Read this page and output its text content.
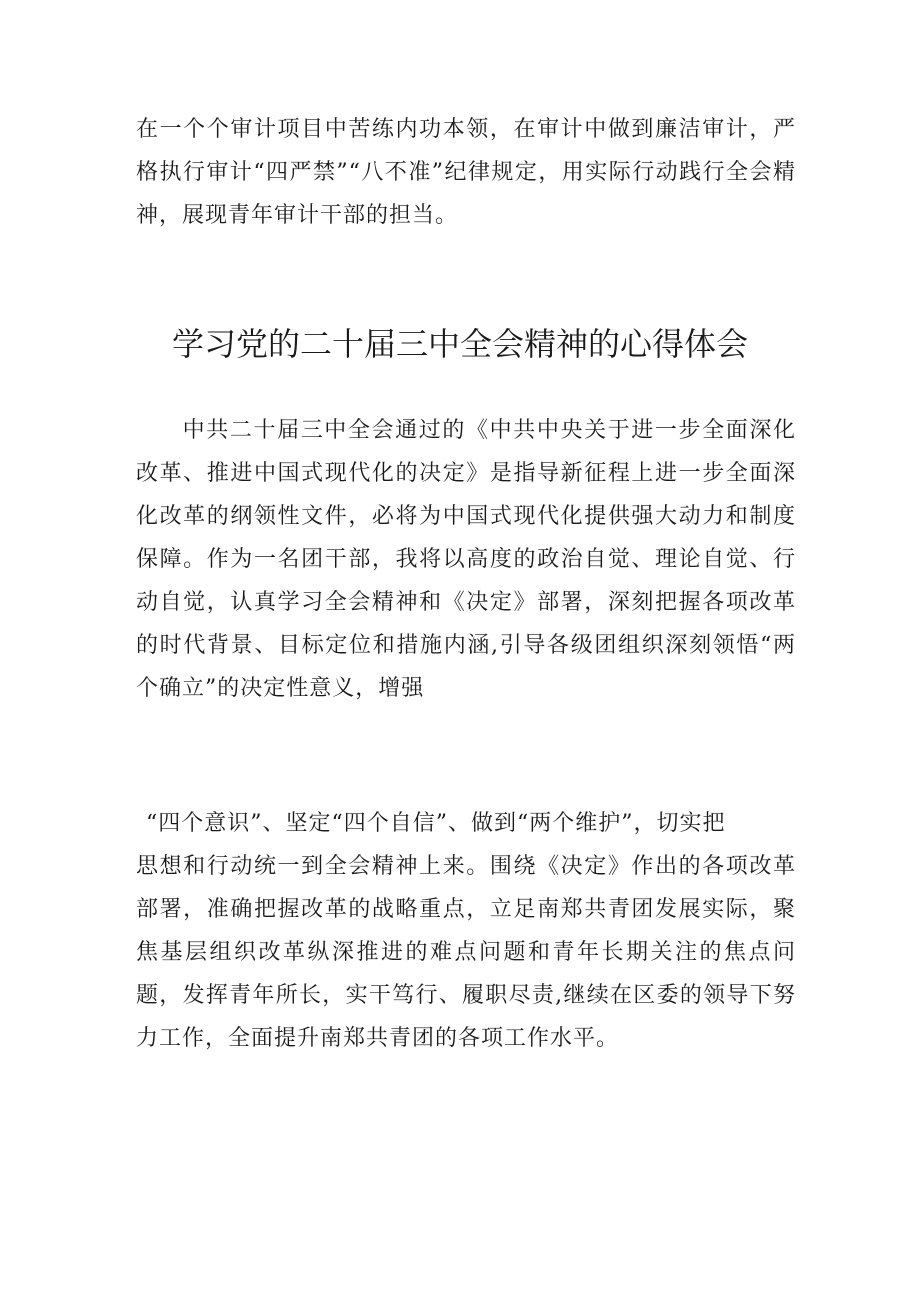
在一个个审计项目中苦练内功本领，在审计中做到廉洁审计，严格执行审计“四严禁”“八不准”纪律规定，用实际行动践行全会精神，展现青年审计干部的担当。

学习党的二十届三中全会精神的心得体会

中共二十届三中全会通过的《中共中央关于进一步全面深化改革、推进中国式现代化的决定》是指导新征程上进一步全面深化改革的纲领性文件，必将为中国式现代化提供强大动力和制度保障。作为一名团干部，我将以高度的政治自觉、理论自觉、行动自觉，认真学习全会精神和《决定》部署，深刻把握各项改革的时代背景、目标定位和措施内涵,引导各级团组织深刻领悟“两个确立”的决定性意义，增强

“四个意识”、坚定“四个自信”、做到“两个维护”，切实把

思想和行动统一到全会精神上来。围绕《决定》作出的各项改革部署，准确把握改革的战略重点，立足南郑共青团发展实际，聚焦基层组织改革纵深推进的难点问题和青年长期关注的焦点问题，发挥青年所长，实干笃行、履职尽责,继续在区委的领导下努力工作，全面提升南郑共青团的各项工作水平。
